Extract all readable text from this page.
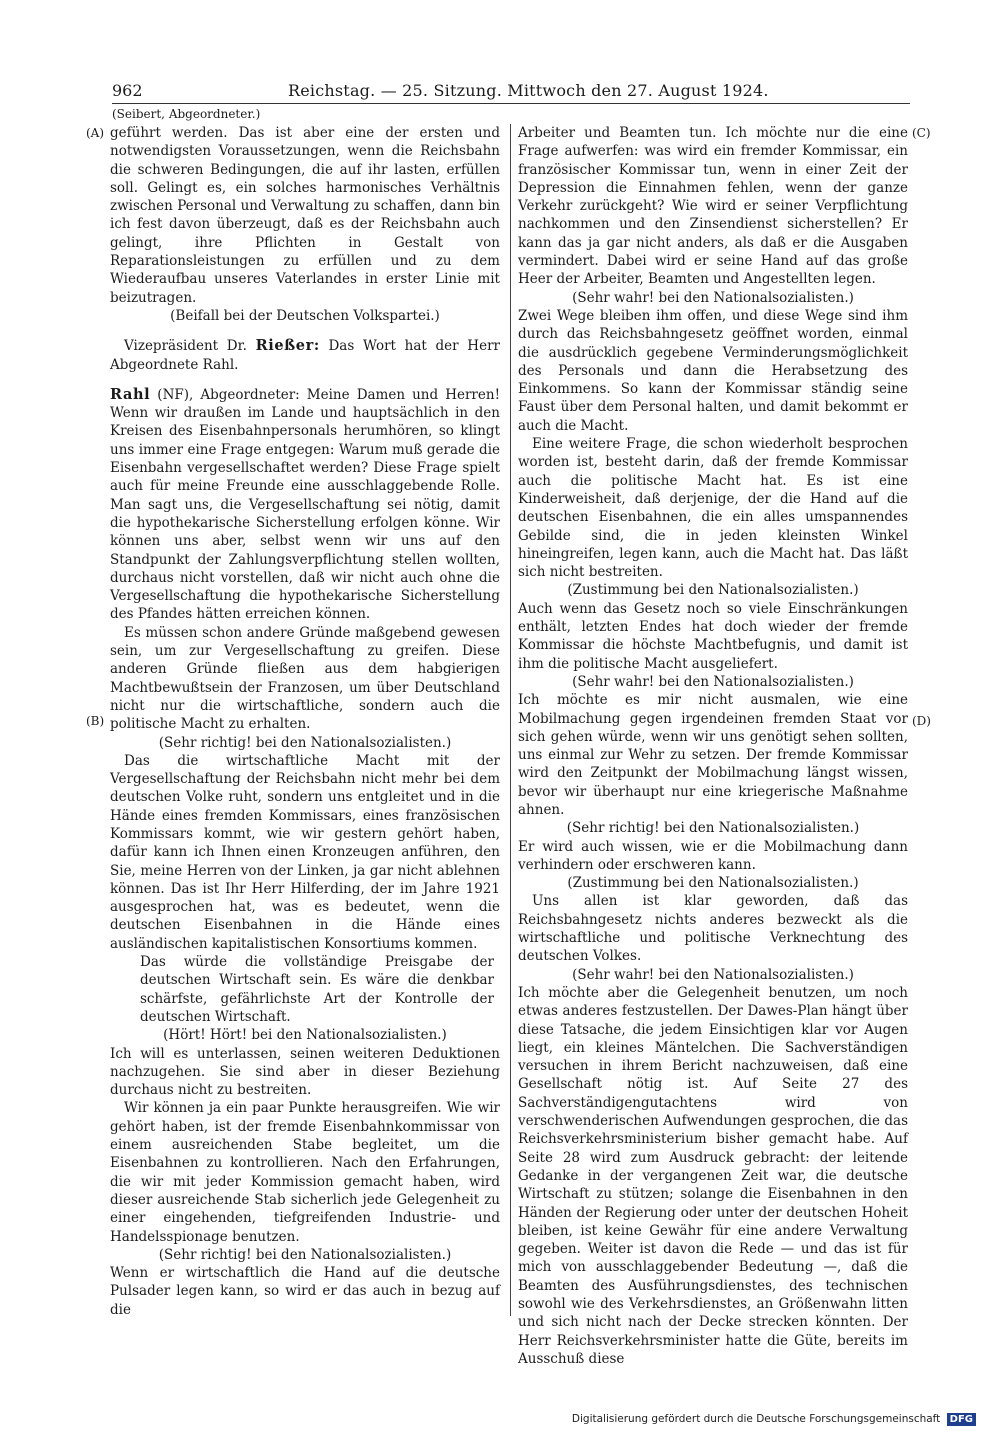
962	Reichstag. — 25. Sitzung. Mittwoch den 27. August 1924.
(Seibert, Abgeordneter.)
(A)
(B)
(C)
(D)

geführt werden. Das ist aber eine der ersten und notwendigsten Voraussetzungen, wenn die Reichsbahn die schweren Bedingungen, die auf ihr lasten, erfüllen soll. Gelingt es, ein solches harmonisches Verhältnis zwischen Personal und Verwaltung zu schaffen, dann bin ich fest davon überzeugt, daß es der Reichsbahn auch gelingt, ihre Pflichten in Gestalt von Reparationsleistungen zu erfüllen und zu dem Wiederaufbau unseres Vaterlandes in erster Linie mit beizutragen.

(Beifall bei der Deutschen Volkspartei.)

Vizepräsident Dr. Rießer: Das Wort hat der Herr Abgeordnete Rahl.

Rahl (NF), Abgeordneter: Meine Damen und Herren! Wenn wir draußen im Lande und hauptsächlich in den Kreisen des Eisenbahnpersonals herumhören, so klingt uns immer eine Frage entgegen: Warum muß gerade die Eisenbahn vergesellschaftet werden? Diese Frage spielt auch für meine Freunde eine ausschlaggebende Rolle. Man sagt uns, die Vergesellschaftung sei nötig, damit die hypothekarische Sicherstellung erfolgen könne. Wir können uns aber, selbst wenn wir uns auf den Standpunkt der Zahlungsverpflichtung stellen wollten, durchaus nicht vorstellen, daß wir nicht auch ohne die Vergesellschaftung die hypothekarische Sicherstellung des Pfandes hätten erreichen können.

Es müssen schon andere Gründe maßgebend gewesen sein, um zur Vergesellschaftung zu greifen. Diese anderen Gründe fließen aus dem habgierigen Machtbewußtsein der Franzosen, um über Deutschland nicht nur die wirtschaftliche, sondern auch die politische Macht zu erhalten.

(Sehr richtig! bei den Nationalsozialisten.)

Das die wirtschaftliche Macht mit der Vergesellschaftung der Reichsbahn nicht mehr bei dem deutschen Volke ruht, sondern uns entgleitet und in die Hände eines fremden Kommissars, eines französischen Kommissars kommt, wie wir gestern gehört haben, dafür kann ich Ihnen einen Kronzeugen anführen, den Sie, meine Herren von der Linken, ja gar nicht ablehnen können. Das ist Ihr Herr Hilferding, der im Jahre 1921 ausgesprochen hat, was es bedeutet, wenn die deutschen Eisenbahnen in die Hände eines ausländischen kapitalistischen Konsortiums kommen.

Das würde die vollständige Preisgabe der deutschen Wirtschaft sein. Es wäre die denkbar schärfste, gefährlichste Art der Kontrolle der deutschen Wirtschaft.

(Hört! Hört! bei den Nationalsozialisten.)

Ich will es unterlassen, seinen weiteren Deduktionen nachzugehen. Sie sind aber in dieser Beziehung durchaus nicht zu bestreiten.

Wir können ja ein paar Punkte herausgreifen. Wie wir gehört haben, ist der fremde Eisenbahnkommissar von einem ausreichenden Stabe begleitet, um die Eisenbahnen zu kontrollieren. Nach den Erfahrungen, die wir mit jeder Kommission gemacht haben, wird dieser ausreichende Stab sicherlich jede Gelegenheit zu einer eingehenden, tiefgreifenden Industrie- und Handelsspionage benutzen.

(Sehr richtig! bei den Nationalsozialisten.)

Wenn er wirtschaftlich die Hand auf die deutsche Pulsader legen kann, so wird er das auch in bezug auf die

Arbeiter und Beamten tun. Ich möchte nur die eine Frage aufwerfen: was wird ein fremder Kommissar, ein französischer Kommissar tun, wenn in einer Zeit der Depression die Einnahmen fehlen, wenn der ganze Verkehr zurückgeht? Wie wird er seiner Verpflichtung nachkommen und den Zinsendienst sicherstellen? Er kann das ja gar nicht anders, als daß er die Ausgaben vermindert. Dabei wird er seine Hand auf das große Heer der Arbeiter, Beamten und Angestellten legen.

(Sehr wahr! bei den Nationalsozialisten.)

Zwei Wege bleiben ihm offen, und diese Wege sind ihm durch das Reichsbahngesetz geöffnet worden, einmal die ausdrücklich gegebene Verminderungsmöglichkeit des Personals und dann die Herabsetzung des Einkommens. So kann der Kommissar ständig seine Faust über dem Personal halten, und damit bekommt er auch die Macht.

Eine weitere Frage, die schon wiederholt besprochen worden ist, besteht darin, daß der fremde Kommissar auch die politische Macht hat. Es ist eine Kinderweisheit, daß derjenige, der die Hand auf die deutschen Eisenbahnen, die ein alles umspannendes Gebilde sind, die in jeden kleinsten Winkel hineingreifen, legen kann, auch die Macht hat. Das läßt sich nicht bestreiten.

(Zustimmung bei den Nationalsozialisten.)

Auch wenn das Gesetz noch so viele Einschränkungen enthält, letzten Endes hat doch wieder der fremde Kommissar die höchste Machtbefugnis, und damit ist ihm die politische Macht ausgeliefert.

(Sehr wahr! bei den Nationalsozialisten.)

Ich möchte es mir nicht ausmalen, wie eine Mobilmachung gegen irgendeinen fremden Staat vor sich gehen würde, wenn wir uns genötigt sehen sollten, uns einmal zur Wehr zu setzen. Der fremde Kommissar wird den Zeitpunkt der Mobilmachung längst wissen, bevor wir überhaupt nur eine kriegerische Maßnahme ahnen.

(Sehr richtig! bei den Nationalsozialisten.)

Er wird auch wissen, wie er die Mobilmachung dann verhindern oder erschweren kann.

(Zustimmung bei den Nationalsozialisten.)

Uns allen ist klar geworden, daß das Reichsbahngesetz nichts anderes bezweckt als die wirtschaftliche und politische Verknechtung des deutschen Volkes.

(Sehr wahr! bei den Nationalsozialisten.)

Ich möchte aber die Gelegenheit benutzen, um noch etwas anderes festzustellen. Der Dawes-Plan hängt über diese Tatsache, die jedem Einsichtigen klar vor Augen liegt, ein kleines Mäntelchen. Die Sachverständigen versuchen in ihrem Bericht nachzuweisen, daß eine Gesellschaft nötig ist. Auf Seite 27 des Sachverständigengutachtens wird von verschwenderischen Aufwendungen gesprochen, die das Reichsverkehrsministerium bisher gemacht habe. Auf Seite 28 wird zum Ausdruck gebracht: der leitende Gedanke in der vergangenen Zeit war, die deutsche Wirtschaft zu stützen; solange die Eisenbahnen in den Händen der Regierung oder unter der deutschen Hoheit bleiben, ist keine Gewähr für eine andere Verwaltung gegeben. Weiter ist davon die Rede — und das ist für mich von ausschlaggebender Bedeutung —, daß die Beamten des Ausführungsdienstes, des technischen sowohl wie des Verkehrsdienstes, an Größenwahn litten und sich nicht nach der Decke strecken könnten. Der Herr Reichsverkehrsminister hatte die Güte, bereits im Ausschuß diese

Digitalisierung gefördert durch die Deutsche Forschungsgemeinschaft DFG
